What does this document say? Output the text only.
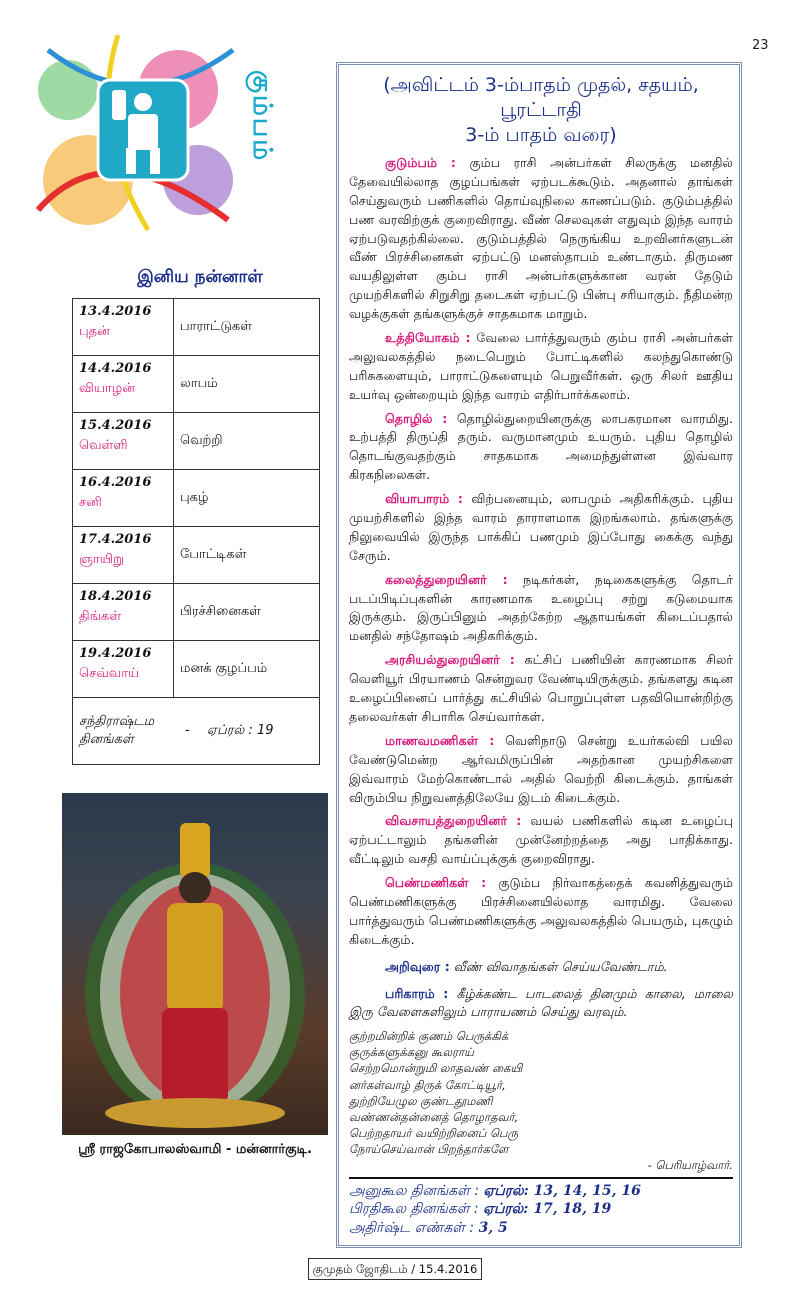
23
கும்பம்
இனிய நன்னாள்
13.4.2016
புதன்	பாராட்டுகள்

14.4.2016
வியாழன்	லாபம்

15.4.2016
வெள்ளி	வெற்றி

16.4.2016
சனி	புகழ்

17.4.2016
ஞாயிறு	போட்டிகள்

18.4.2016
திங்கள்	பிரச்சினைகள்

19.4.2016
செவ்வாய்	மனக் குழப்பம்

சந்திராஷ்டம தினங்கள்
- ஏப்ரல் : 19	
ஸ்ரீ ராஜகோபாலஸ்வாமி - மன்னார்குடி.
(அவிட்டம் 3-ம்பாதம் முதல், சதயம், பூரட்டாதி
3-ம் பாதம் வரை)

குடும்பம் : கும்ப ராசி அன்பர்கள் சிலருக்கு மனதில் தேவையில்லாத குழப்பங்கள் ஏற்படக்கூடும். அதனால் தாங்கள் செய்துவரும் பணிகளில் தொய்வுநிலை காணப்படும். குடும்பத்தில் பண வரவிற்குக் குறைவிராது. வீண் செலவுகள் எதுவும் இந்த வாரம் ஏற்படுவதற்கில்லை. குடும்பத்தில் நெருங்கிய உறவினர்களுடன் வீண் பிரச்சினைகள் ஏற்பட்டு மனஸ்தாபம் உண்டாகும். திருமண வயதிலுள்ள கும்ப ராசி அன்பர்களுக்கான வரன் தேடும் முயற்சிகளில் சிறுசிறு தடைகள் ஏற்பட்டு பின்பு சரியாகும். நீதிமன்ற வழக்குகள் தங்களுக்குச் சாதகமாக மாறும்.

உத்தியோகம் : வேலை பார்த்துவரும் கும்ப ராசி அன்பர்கள் அலுவலகத்தில் நடைபெறும் போட்டிகளில் கலந்துகொண்டு பரிசுகளையும், பாராட்டுகளையும் பெறுவீர்கள். ஒரு சிலர் ஊதிய உயர்வு ஒன்றையும் இந்த வாரம் எதிர்பார்க்கலாம்.

தொழில் : தொழில்துறையினருக்கு லாபகரமான வாரமிது. உற்பத்தி திருப்தி தரும். வருமானமும் உயரும். புதிய தொழில் தொடங்குவதற்கும் சாதகமாக அமைந்துள்ளன இவ்வார கிரகநிலைகள்.

வியாபாரம் : விற்பனையும், லாபமும் அதிகரிக்கும். புதிய முயற்சிகளில் இந்த வாரம் தாராளமாக இறங்கலாம். தங்களுக்கு நிலுவையில் இருந்த பாக்கிப் பணமும் இப்போது கைக்கு வந்து சேரும்.

கலைத்துறையினர் : நடிகர்கள், நடிகைகளுக்கு தொடர் படப்பிடிப்புகளின் காரணமாக உழைப்பு சற்று கடுமையாக இருக்கும். இருப்பினும் அதற்கேற்ற ஆதாயங்கள் கிடைப்பதால் மனதில் சந்தோஷம் அதிகரிக்கும்.

அரசியல்துறையினர் : கட்சிப் பணியின் காரணமாக சிலர் வெளியூர் பிரயாணம் சென்றுவர வேண்டியிருக்கும். தங்களது கடின உழைப்பினைப் பார்த்து கட்சியில் பொறுப்புள்ள பதவியொன்றிற்கு தலைவர்கள் சிபாரிசு செய்வார்கள்.

மாணவமணிகள் : வெளிநாடு சென்று உயர்கல்வி பயில வேண்டுமென்ற ஆர்வமிருப்பின் அதற்கான முயற்சிகளை இவ்வாரம் மேற்கொண்டால் அதில் வெற்றி கிடைக்கும். தாங்கள் விரும்பிய நிறுவனத்திலேயே இடம் கிடைக்கும்.

விவசாயத்துறையினர் : வயல் பணிகளில் கடின உழைப்பு ஏற்பட்டாலும் தங்களின் முன்னேற்றத்தை அது பாதிக்காது. வீட்டிலும் வசதி வாய்ப்புக்குக் குறைவிராது.

பெண்மணிகள் : குடும்ப நிர்வாகத்தைக் கவனித்துவரும் பெண்மணிகளுக்கு பிரச்சினையில்லாத வாரமிது. வேலை பார்த்துவரும் பெண்மணிகளுக்கு அலுவலகத்தில் பெயரும், புகழும் கிடைக்கும்.

அறிவுரை : வீண் விவாதங்கள் செய்யவேண்டாம்.

பரிகாரம் : கீழ்க்கண்ட பாடலைத் தினமும் காலை, மாலை இரு வேளைகளிலும் பாராயணம் செய்து வரவும்.

குற்றமின்றிக் குணம் பெருக்கிக்
குருக்களுக்கனு கூலராய்
செற்றமொன்றுமி லாதவண் கையி
னர்கள்வாழ் திருக் கோட்டியூர்,
துற்றியேழுல குண்டதூமணி
வண்ணன்தன்னைத் தொழாதவர்,
பெற்றதாயர் வயிற்றினைப் பெரு
நோய்செய்வான் பிறந்தார்களே
- பெரியாழ்வார்.
அனுகூல தினங்கள் : ஏப்ரல்: 13, 14, 15, 16
பிரதிகூல தினங்கள் : ஏப்ரல்: 17, 18, 19
அதிர்ஷ்ட எண்கள் : 3, 5
குமுதம் ஜோதிடம் / 15.4.2016
